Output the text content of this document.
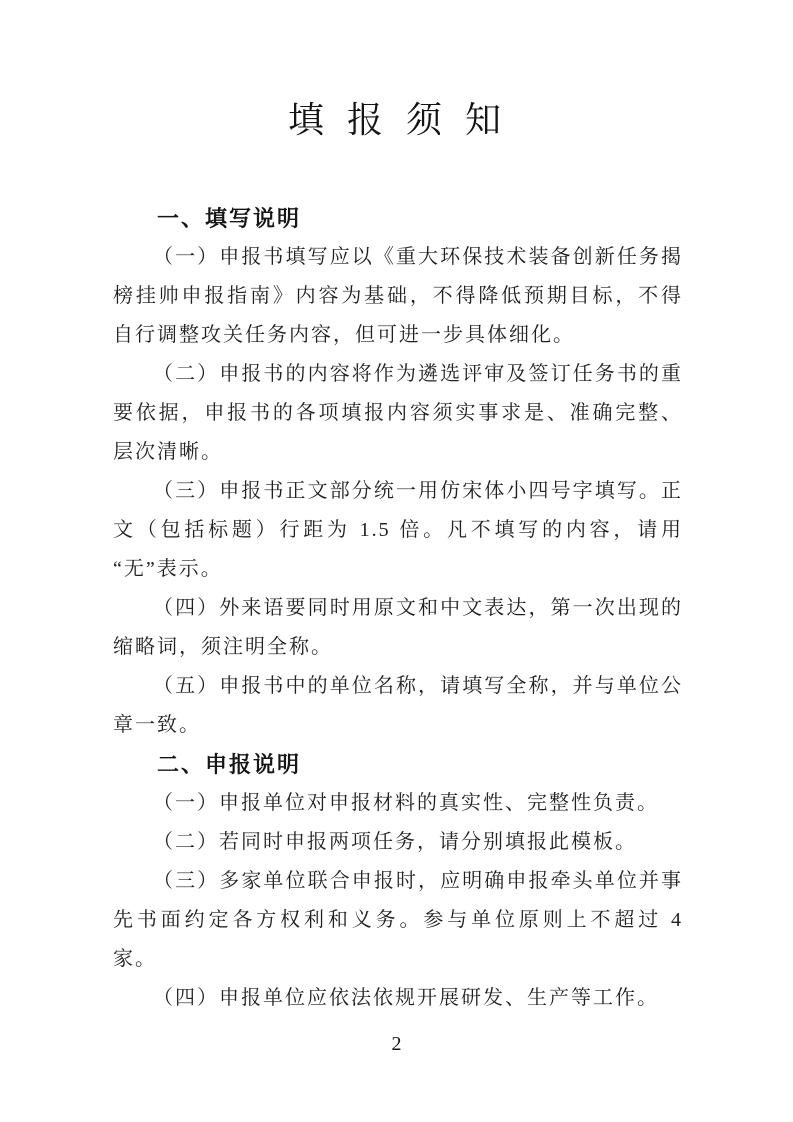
填 报 须 知
一、填写说明

（一）申报书填写应以《重大环保技术装备创新任务揭榜挂帅申报指南》内容为基础，不得降低预期目标，不得自行调整攻关任务内容，但可进一步具体细化。

（二）申报书的内容将作为遴选评审及签订任务书的重要依据，申报书的各项填报内容须实事求是、准确完整、层次清晰。

（三）申报书正文部分统一用仿宋体小四号字填写。正文（包括标题）行距为 1.5 倍。凡不填写的内容，请用“无”表示。

（四）外来语要同时用原文和中文表达，第一次出现的缩略词，须注明全称。

（五）申报书中的单位名称，请填写全称，并与单位公章一致。

二、申报说明

（一）申报单位对申报材料的真实性、完整性负责。

（二）若同时申报两项任务，请分别填报此模板。

（三）多家单位联合申报时，应明确申报牵头单位并事先书面约定各方权利和义务。参与单位原则上不超过 4 家。

（四）申报单位应依法依规开展研发、生产等工作。

2
